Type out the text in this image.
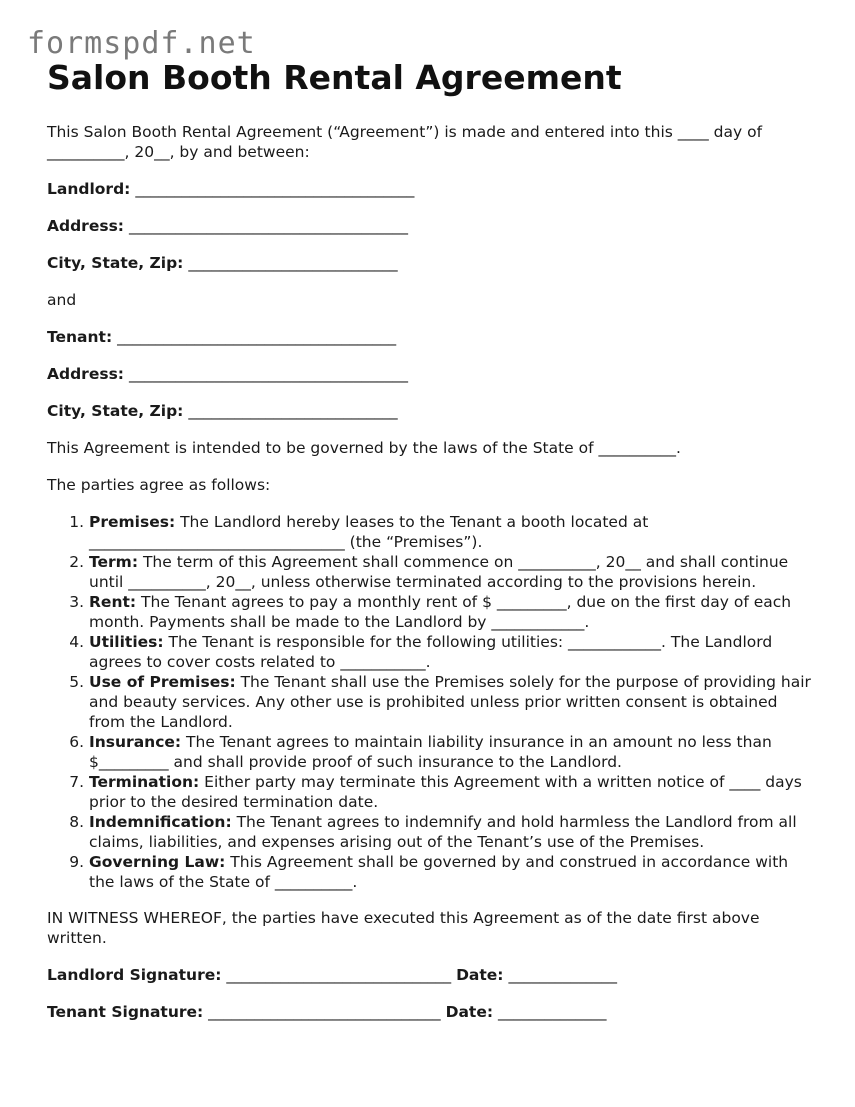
formspdf.net
Salon Booth Rental Agreement

This Salon Booth Rental Agreement (“Agreement”) is made and entered into this ____ day of __________, 20__, by and between:

Landlord: ____________________________________

Address: ____________________________________

City, State, Zip: ___________________________

and

Tenant: ____________________________________

Address: ____________________________________

City, State, Zip: ___________________________

This Agreement is intended to be governed by the laws of the State of __________.

The parties agree as follows:

1. Premises: The Landlord hereby leases to the Tenant a booth located at _________________________________ (the “Premises”).
2. Term: The term of this Agreement shall commence on __________, 20__ and shall continue until __________, 20__, unless otherwise terminated according to the provisions herein.
3. Rent: The Tenant agrees to pay a monthly rent of $ _________, due on the first day of each month. Payments shall be made to the Landlord by ____________.
4. Utilities: The Tenant is responsible for the following utilities: ____________. The Landlord agrees to cover costs related to ___________.
5. Use of Premises: The Tenant shall use the Premises solely for the purpose of providing hair and beauty services. Any other use is prohibited unless prior written consent is obtained from the Landlord.
6. Insurance: The Tenant agrees to maintain liability insurance in an amount no less than $_________ and shall provide proof of such insurance to the Landlord.
7. Termination: Either party may terminate this Agreement with a written notice of ____ days prior to the desired termination date.
8. Indemnification: The Tenant agrees to indemnify and hold harmless the Landlord from all claims, liabilities, and expenses arising out of the Tenant’s use of the Premises.
9. Governing Law: This Agreement shall be governed by and construed in accordance with the laws of the State of __________.

IN WITNESS WHEREOF, the parties have executed this Agreement as of the date first above written.

Landlord Signature: _____________________________ Date: ______________

Tenant Signature: ______________________________ Date: ______________
